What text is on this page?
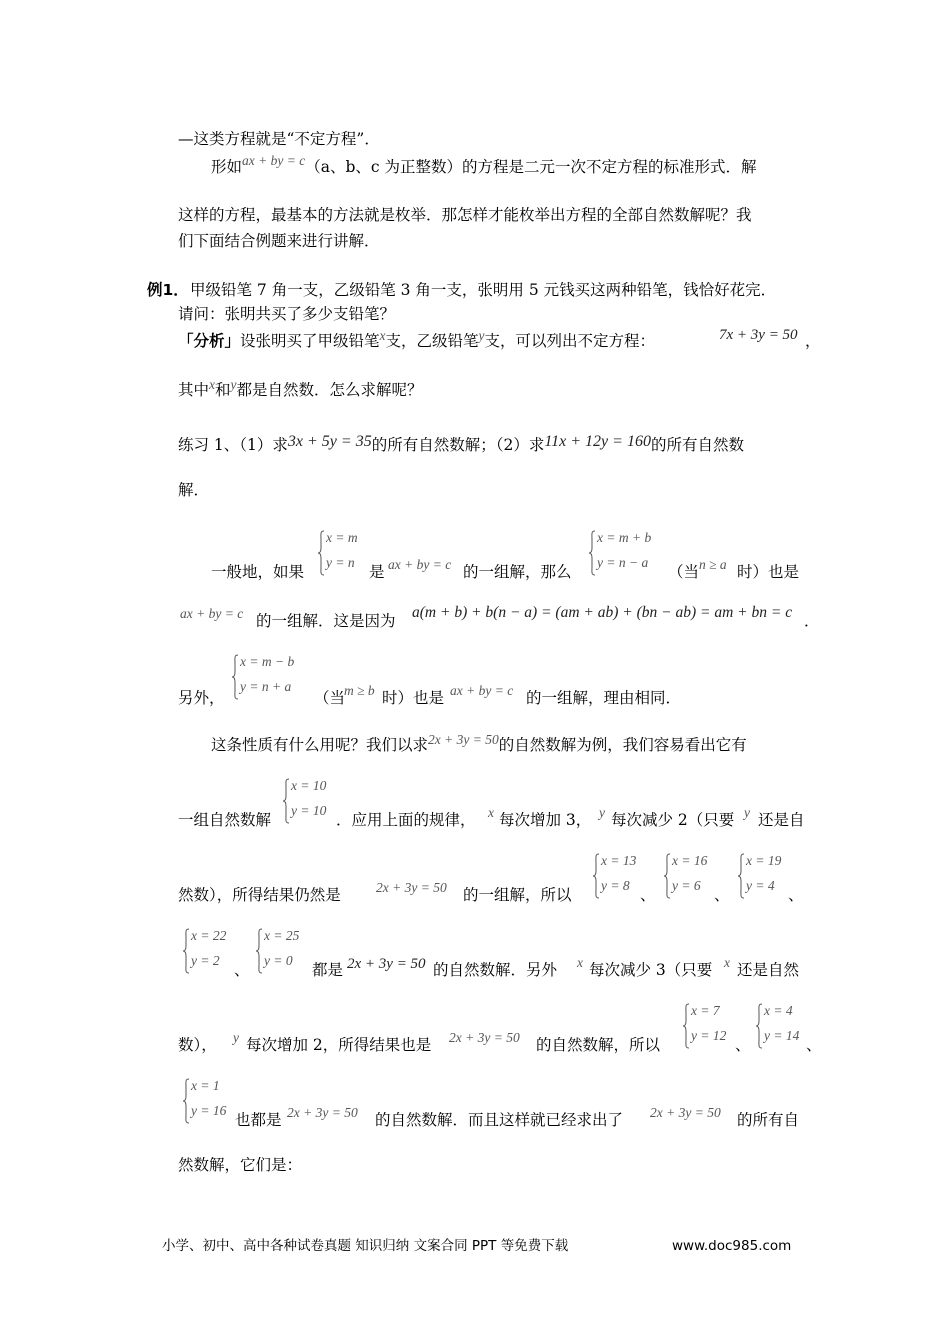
—这类方程就是“不定方程”．
形如ax + by = c（a、b、c 为正整数）的方程是二元一次不定方程的标准形式．解
这样的方程，最基本的方法就是枚举．那怎样才能枚举出方程的全部自然数解呢？我
们下面结合例题来进行讲解．
例1． 甲级铅笔 7 角一支，乙级铅笔 3 角一支，张明用 5 元钱买这两种铅笔，钱恰好花完．
请问：张明共买了多少支铅笔？
「分析」设张明买了甲级铅笔x支，乙级铅笔y支，可以列出不定方程：	7x + 3y = 50 ，
其中x和y都是自然数．怎么求解呢？
练习 1、（1）求3x + 5y = 35的所有自然数解；（2）求11x + 12y = 160的所有自然数
解．
x = m
y = n
x = m + b
y = n − a
一般地，如果	是 ax + by = c 的一组解，那么	（当 n ≥ a 时）也是
ax + by = c 的一组解．这是因为 a(m + b) + b(n − a) = (am + ab) + (bn − ab) = am + bn = c ．
x = m − b
y = n + a
另外，	（当
m ≥ b 时）也是 ax + by = c 的一组解，理由相同．
这条性质有什么用呢？我们以求2x + 3y = 50的自然数解为例，我们容易看出它有
x = 10
y = 10
一组自然数解	．应用上面的规律， x 每次增加 3， y 每次减少 2（只要 y 还是自
然数），所得结果仍然是	2x + 3y = 50 的一组解，所以
x = 13
y = 8
、
x = 16
y = 6
、
x = 19
y = 4
、
x = 22
y = 2
、
x = 25
y = 0
都是 2x + 3y = 50 的自然数解．另外 x 每次减少 3（只要 x 还是自然
数）， y 每次增加 2，所得结果也是 2x + 3y = 50 的自然数解，所以
x = 7
y = 12
、
x = 4
y = 14
、
x = 1
y = 16
也都是 2x + 3y = 50 的自然数解．而且这样就已经求出了 2x + 3y = 50 的所有自
然数解，它们是：
小学、初中、高中各种试卷真题 知识归纳 文案合同 PPT 等免费下载	www.doc985.com
